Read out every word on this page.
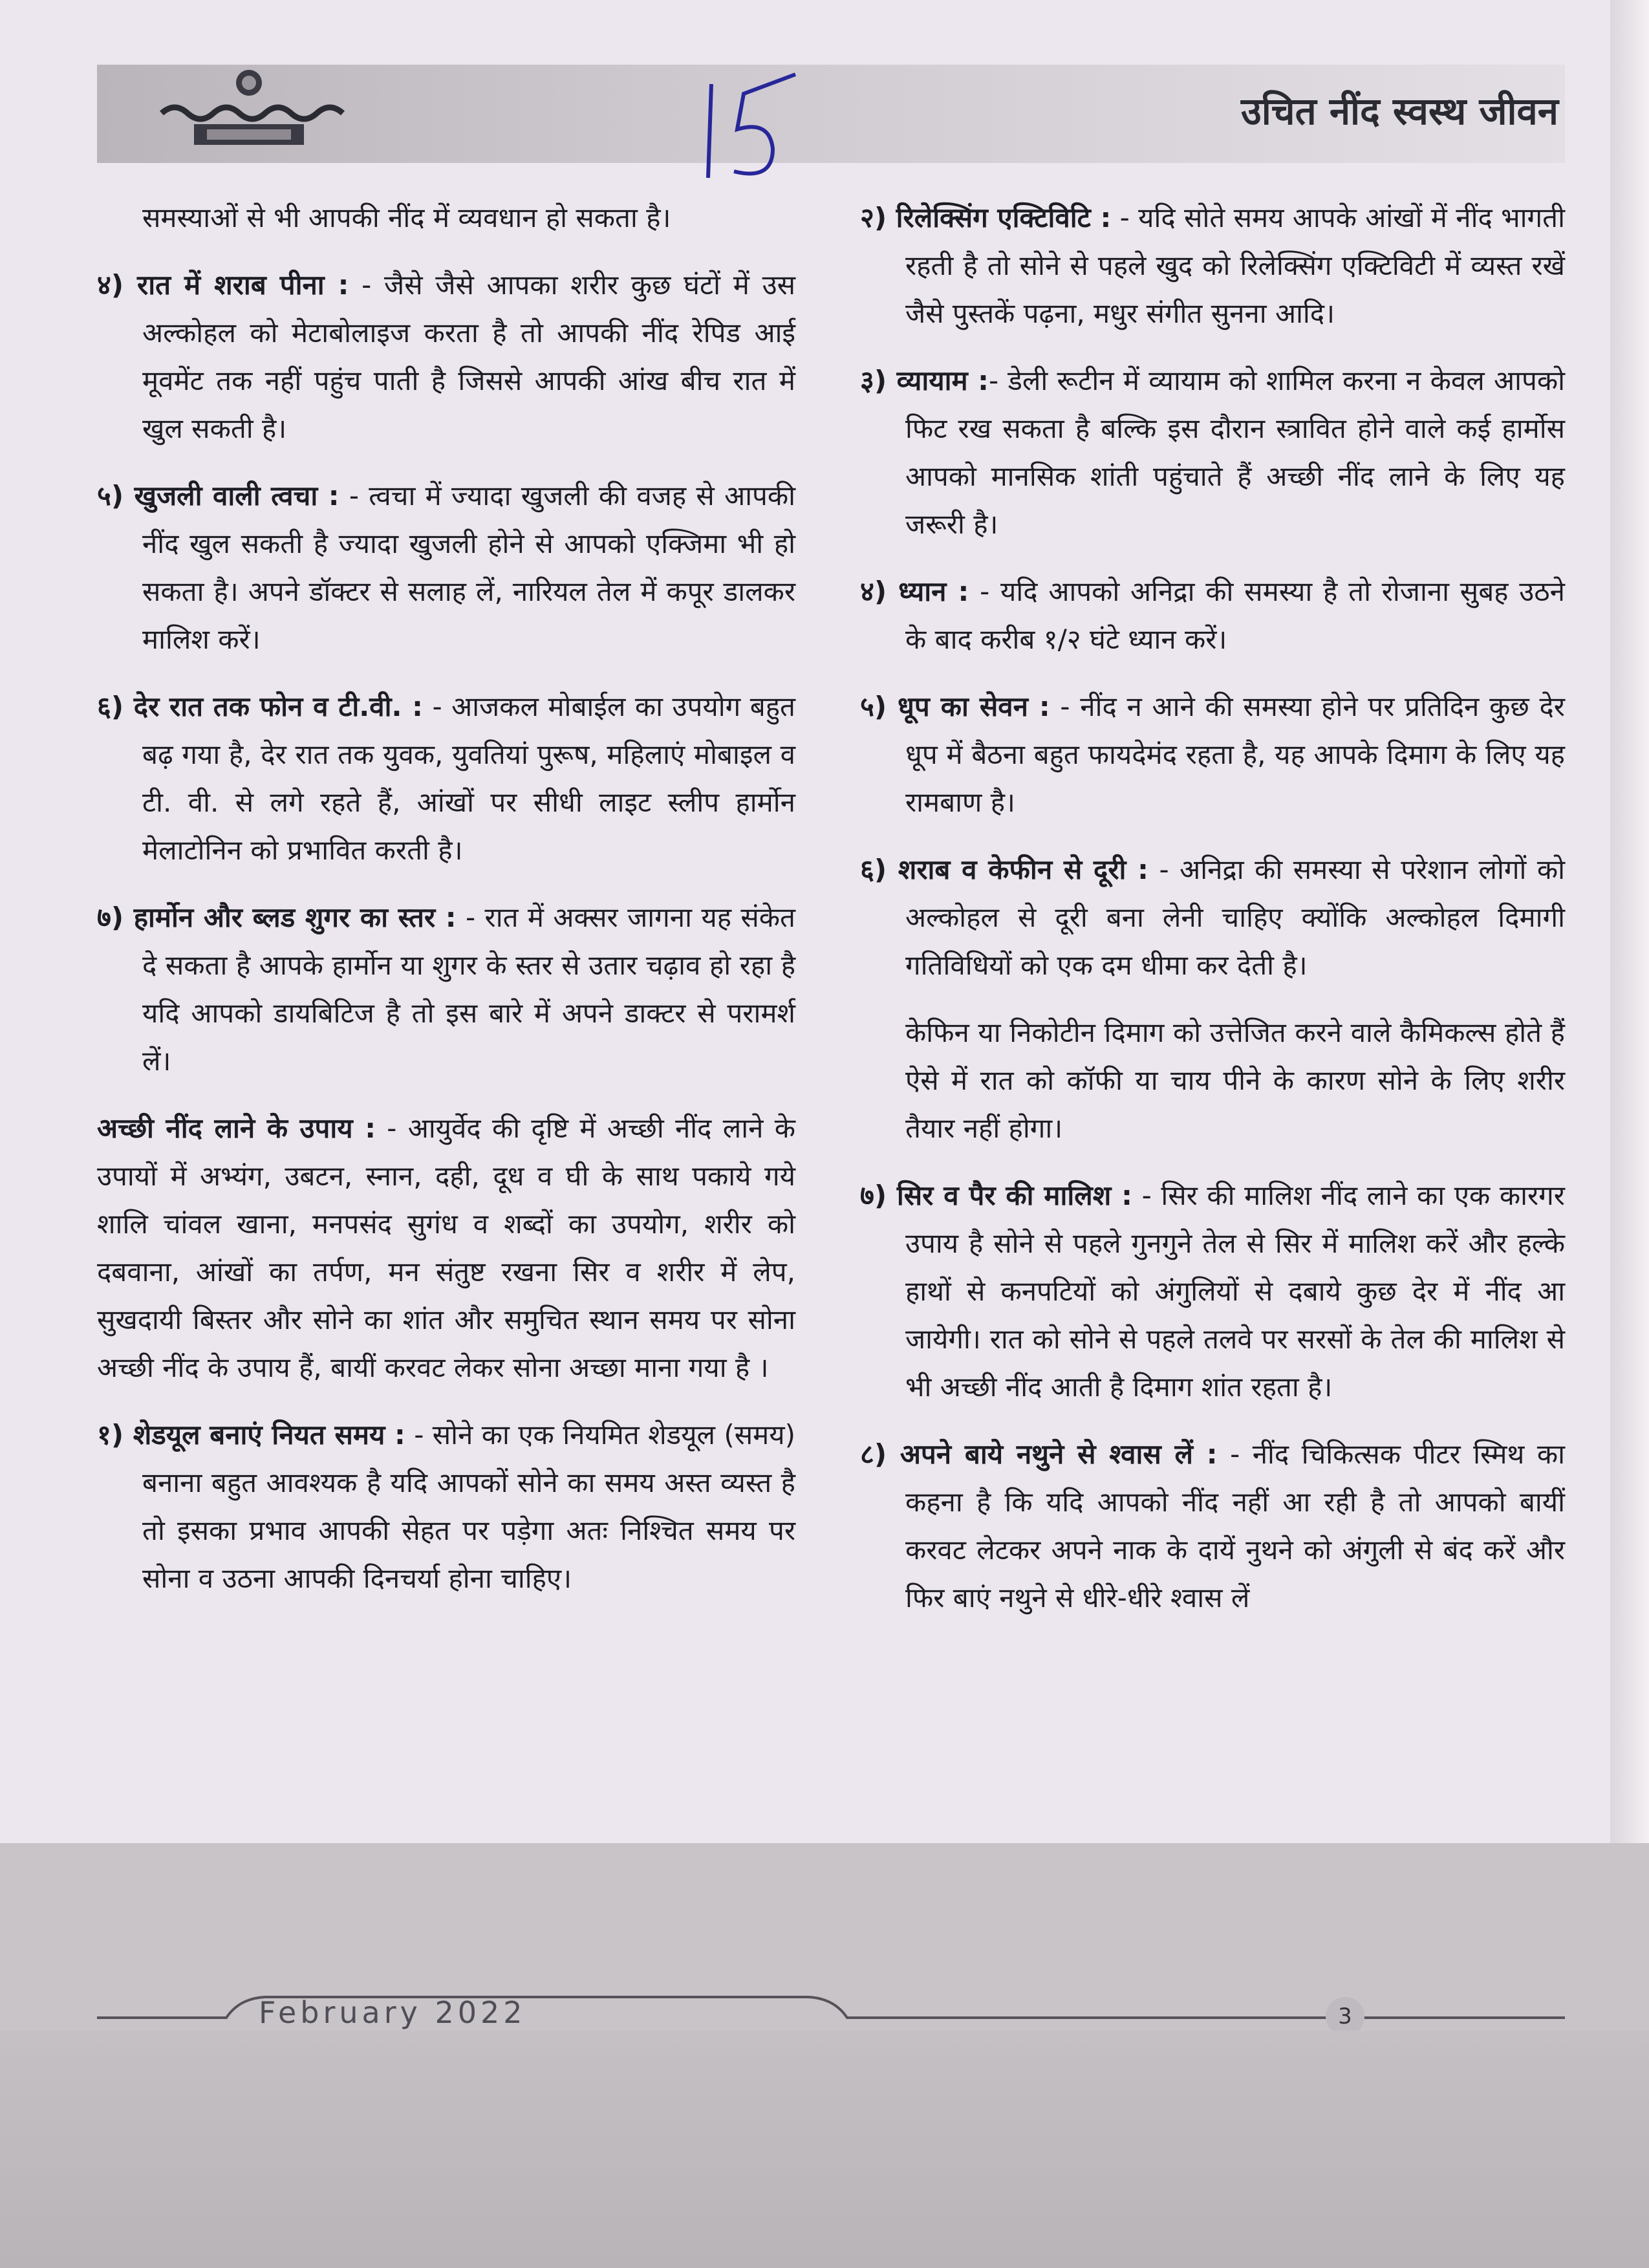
उचित नींद स्वस्थ जीवन

समस्याओं से भी आपकी नींद में व्यवधान हो सकता है।

४) रात में शराब पीना : - जैसे जैसे आपका शरीर कुछ घंटों में उस अल्कोहल को मेटाबोलाइज करता है तो आपकी नींद रेपिड आई मूवमेंट तक नहीं पहुंच पाती है जिससे आपकी आंख बीच रात में खुल सकती है।

५) खुजली वाली त्वचा : - त्वचा में ज्यादा खुजली की वजह से आपकी नींद खुल सकती है ज्यादा खुजली होने से आपको एक्जिमा भी हो सकता है। अपने डॉक्टर से सलाह लें, नारियल तेल में कपूर डालकर मालिश करें।

६) देर रात तक फोन व टी.वी. : - आजकल मोबाईल का उपयोग बहुत बढ़ गया है, देर रात तक युवक, युवतियां पुरूष, महिलाएं मोबाइल व टी. वी. से लगे रहते हैं, आंखों पर सीधी लाइट स्लीप हार्मोन मेलाटोनिन को प्रभावित करती है।

७) हार्मोन और ब्लड शुगर का स्तर : - रात में अक्सर जागना यह संकेत दे सकता है आपके हार्मोन या शुगर के स्तर से उतार चढ़ाव हो रहा है यदि आपको डायबिटिज है तो इस बारे में अपने डाक्टर से परामर्श लें।

अच्छी नींद लाने के उपाय : - आयुर्वेद की दृष्टि में अच्छी नींद लाने के उपायों में अभ्यंग, उबटन, स्नान, दही, दूध व घी के साथ पकाये गये शालि चांवल खाना, मनपसंद सुगंध व शब्दों का उपयोग, शरीर को दबवाना, आंखों का तर्पण, मन संतुष्ट रखना सिर व शरीर में लेप, सुखदायी बिस्तर और सोने का शांत और समुचित स्थान समय पर सोना अच्छी नींद के उपाय हैं, बायीं करवट लेकर सोना अच्छा माना गया है ।

१) शेडयूल बनाएं नियत समय : - सोने का एक नियमित शेडयूल (समय) बनाना बहुत आवश्यक है यदि आपकों सोने का समय अस्त व्यस्त है तो इसका प्रभाव आपकी सेहत पर पड़ेगा अतः निश्चित समय पर सोना व उठना आपकी दिनचर्या होना चाहिए।

२) रिलेक्सिंग एक्टिविटि : - यदि सोते समय आपके आंखों में नींद भागती रहती है तो सोने से पहले खुद को रिलेक्सिंग एक्टिविटी में व्यस्त रखें जैसे पुस्तकें पढ़ना, मधुर संगीत सुनना आदि।

३) व्यायाम :- डेली रूटीन में व्यायाम को शामिल करना न केवल आपको फिट रख सकता है बल्कि इस दौरान स्त्रावित होने वाले कई हार्मोस आपको मानसिक शांती पहुंचाते हैं अच्छी नींद लाने के लिए यह जरूरी है।

४) ध्यान : - यदि आपको अनिद्रा की समस्या है तो रोजाना सुबह उठने के बाद करीब १/२ घंटे ध्यान करें।

५) धूप का सेवन : - नींद न आने की समस्या होने पर प्रतिदिन कुछ देर धूप में बैठना बहुत फायदेमंद रहता है, यह आपके दिमाग के लिए यह रामबाण है।

६) शराब व केफीन से दूरी : - अनिद्रा की समस्या से परेशान लोगों को अल्कोहल से दूरी बना लेनी चाहिए क्योंकि अल्कोहल दिमागी गतिविधियों को एक दम धीमा कर देती है।

केफिन या निकोटीन दिमाग को उत्तेजित करने वाले कैमिकल्स होते हैं ऐसे में रात को कॉफी या चाय पीने के कारण सोने के लिए शरीर तैयार नहीं होगा।

७) सिर व पैर की मालिश : - सिर की मालिश नींद लाने का एक कारगर उपाय है सोने से पहले गुनगुने तेल से सिर में मालिश करें और हल्के हाथों से कनपटियों को अंगुलियों से दबाये कुछ देर में नींद आ जायेगी। रात को सोने से पहले तलवे पर सरसों के तेल की मालिश से भी अच्छी नींद आती है दिमाग शांत रहता है।

८) अपने बाये नथुने से श्वास लें : - नींद चिकित्सक पीटर स्मिथ का कहना है कि यदि आपको नींद नहीं आ रही है तो आपको बायीं करवट लेटकर अपने नाक के दायें नुथने को अंगुली से बंद करें और फिर बाएं नथुने से धीरे-धीरे श्वास लें

February 2022	3
